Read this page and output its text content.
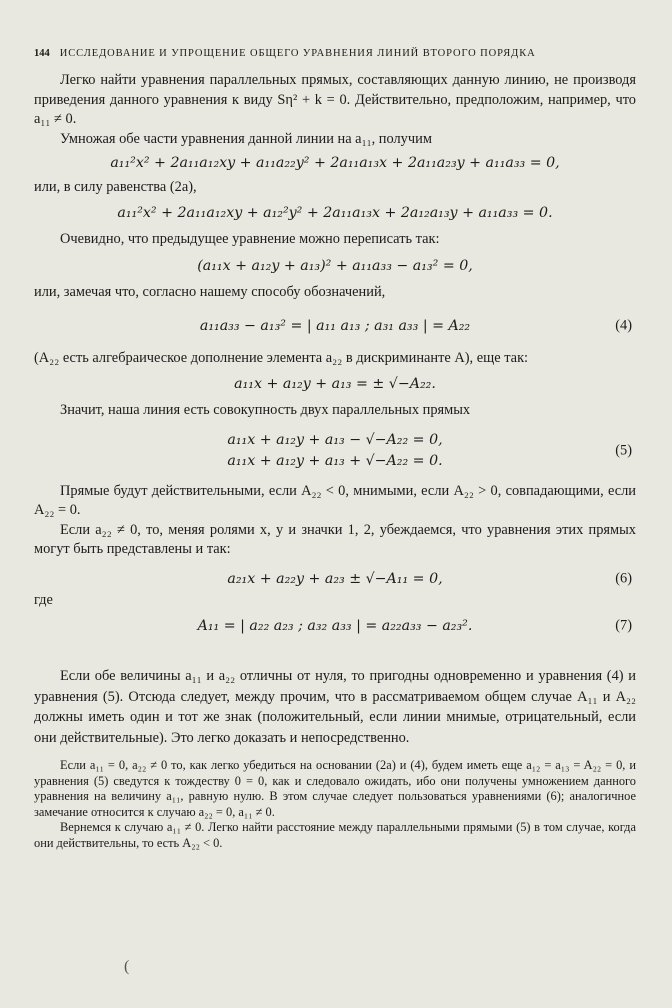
144 ИССЛЕДОВАНИЕ И УПРОЩЕНИЕ ОБЩЕГО УРАВНЕНИЯ ЛИНИЙ ВТОРОГО ПОРЯДКА

Легко найти уравнения параллельных прямых, составляющих данную линию, не производя приведения данного уравнения к виду Sη² + k = 0. Действительно, предположим, например, что a₁₁ ≠ 0.

Умножая обе части уравнения данной линии на a₁₁, получим

a₁₁²x² + 2a₁₁a₁₂xy + a₁₁a₂₂y² + 2a₁₁a₁₃x + 2a₁₁a₂₃y + a₁₁a₃₃ = 0,

или, в силу равенства (2а),

a₁₁²x² + 2a₁₁a₁₂xy + a₁₂²y² + 2a₁₁a₁₃x + 2a₁₂a₁₃y + a₁₁a₃₃ = 0.

Очевидно, что предыдущее уравнение можно переписать так:

(a₁₁x + a₁₂y + a₁₃)² + a₁₁a₃₃ − a₁₃² = 0,

или, замечая что, согласно нашему способу обозначений,

a₁₁a₃₃ − a₁₃² = | a₁₁ a₁₃ ; a₃₁ a₃₃ | = A₂₂	(4)

(A₂₂ есть алгебраическое дополнение элемента a₂₂ в дискриминанте A), еще так:

a₁₁x + a₁₂y + a₁₃ = ± √−A₂₂.

Значит, наша линия есть совокупность двух параллельных прямых

a₁₁x + a₁₂y + a₁₃ − √−A₂₂ = 0,
a₁₁x + a₁₂y + a₁₃ + √−A₂₂ = 0.
(5)

Прямые будут действительными, если A₂₂ < 0, мнимыми, если A₂₂ > 0, совпадающими, если A₂₂ = 0.

Если a₂₂ ≠ 0, то, меняя ролями x, y и значки 1, 2, убеждаемся, что уравнения этих прямых могут быть представлены и так:

a₂₁x + a₂₂y + a₂₃ ± √−A₁₁ = 0,	(6)

где

A₁₁ = | a₂₂ a₂₃ ; a₃₂ a₃₃ | = a₂₂a₃₃ − a₂₃².	(7)

Если обе величины a₁₁ и a₂₂ отличны от нуля, то пригодны одновременно и уравнения (4) и уравнения (5). Отсюда следует, между прочим, что в рассматриваемом общем случае A₁₁ и A₂₂ должны иметь один и тот же знак (положительный, если линии мнимые, отрицательный, если они действительные). Это легко доказать и непосредственно.

Если a₁₁ = 0, a₂₂ ≠ 0 то, как легко убедиться на основании (2а) и (4), будем иметь еще a₁₂ = a₁₃ = A₂₂ = 0, и уравнения (5) сведутся к тождеству 0 = 0, как и следовало ожидать, ибо они получены умножением данного уравнения на величину a₁₁, равную нулю. В этом случае следует пользоваться уравнениями (6); аналогичное замечание относится к случаю a₂₂ = 0, a₁₁ ≠ 0.

Вернемся к случаю a₁₁ ≠ 0. Легко найти расстояние между параллельными прямыми (5) в том случае, когда они действительны, то есть A₂₂ < 0.

(
